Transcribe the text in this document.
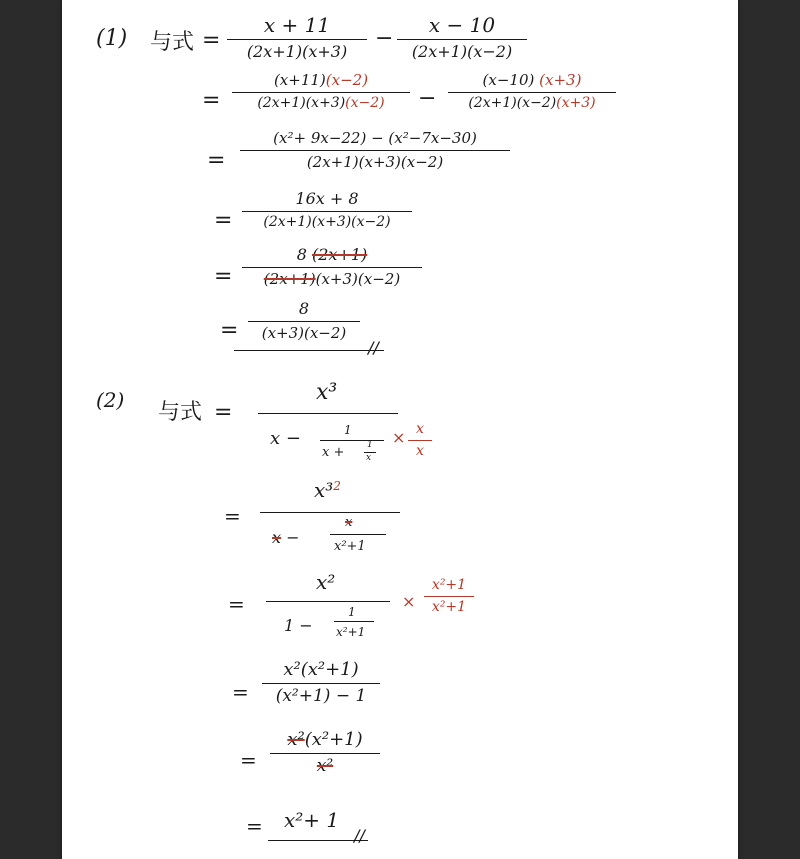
(1) 与式 =
x + 11
(2x+1)(x+3)
−
x − 10
(2x+1)(x−2)
=
(x+11)(x−2)
(2x+1)(x+3)(x−2) −
(x−10) (x+3)
(2x+1)(x−2)(x+3)
=
(x²+ 9x−22) − (x²−7x−30)
(2x+1)(x+3)(x−2)
=
16x + 8
(2x+1)(x+3)(x−2)
=
8 (2x+1)
(2x+1)(x+3)(x−2)
=
8
(x+3)(x−2)
//
(2) 与式 =
x³
x −	1
x +	1
x
× x
x
=
x³$^2$
x −
x
x²+1
=
x²
1 −
1
x²+1
×
x²+1
x²+1
=
x²(x²+1)
(x²+1) − 1
=
x²(x²+1)
x²
= x²+ 1
//
